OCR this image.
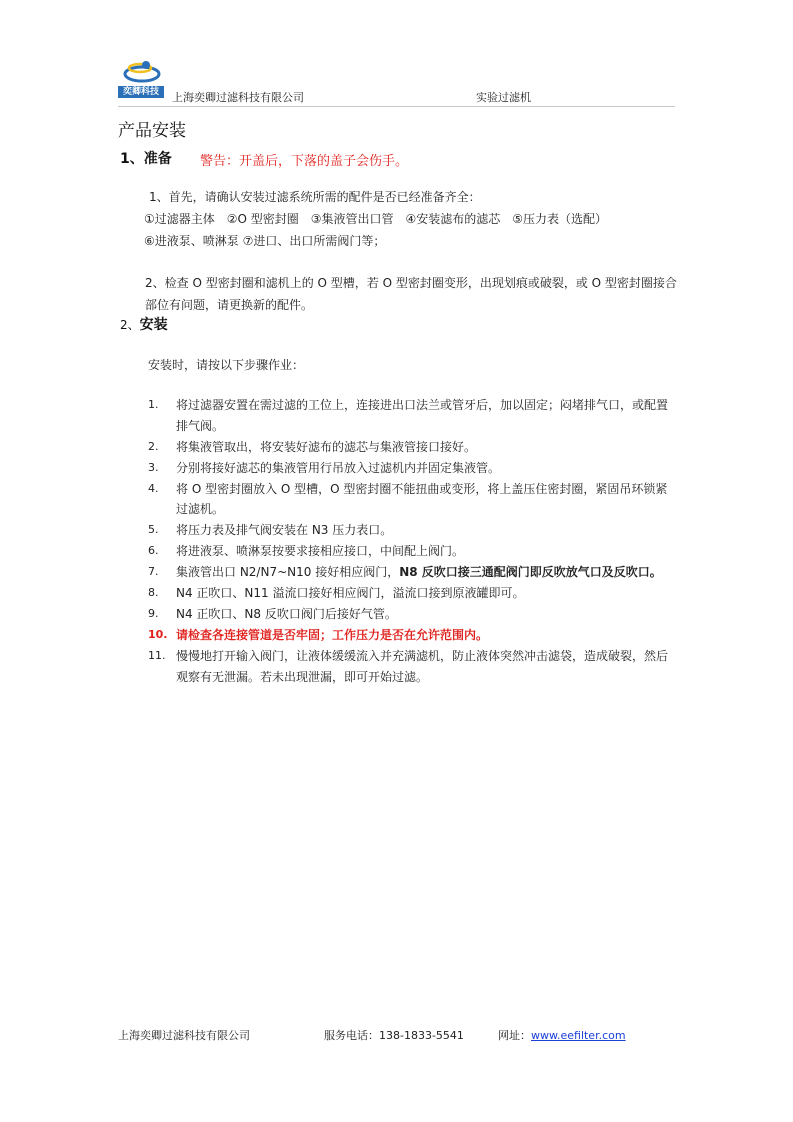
奕卿科技	上海奕卿过滤科技有限公司	实验过滤机
产品安装
1、准备 警告：开盖后，下落的盖子会伤手。
1、首先，请确认安装过滤系统所需的配件是否已经准备齐全：
①过滤器主体　②O 型密封圈　③集液管出口管　④安装滤布的滤芯　⑤压力表（选配）
⑥进液泵、喷淋泵 ⑦进口、出口所需阀门等；
2、检查 O 型密封圈和滤机上的 O 型槽，若 O 型密封圈变形，出现划痕或破裂，或 O 型密封圈接合部位有问题，请更换新的配件。
2、安装
安装时，请按以下步骤作业：
1. 将过滤器安置在需过滤的工位上，连接进出口法兰或管牙后，加以固定；闷堵排气口，或配置排气阀。
2. 将集液管取出，将安装好滤布的滤芯与集液管接口接好。
3. 分别将接好滤芯的集液管用行吊放入过滤机内并固定集液管。
4. 将 O 型密封圈放入 O 型槽，O 型密封圈不能扭曲或变形，将上盖压住密封圈，紧固吊环锁紧过滤机。
5. 将压力表及排气阀安装在 N3 压力表口。
6. 将进液泵、喷淋泵按要求接相应接口，中间配上阀门。
7. 集液管出口 N2/N7~N10 接好相应阀门，N8 反吹口接三通配阀门即反吹放气口及反吹口。
8. N4 正吹口、N11 溢流口接好相应阀门，溢流口接到原液罐即可。
9. N4 正吹口、N8 反吹口阀门后接好气管。
10. 请检查各连接管道是否牢固；工作压力是否在允许范围内。
11. 慢慢地打开输入阀门，让液体缓缓流入并充满滤机，防止液体突然冲击滤袋，造成破裂，然后观察有无泄漏。若未出现泄漏，即可开始过滤。
上海奕卿过滤科技有限公司	服务电话：138-1833-5541	网址：www.eefilter.com
